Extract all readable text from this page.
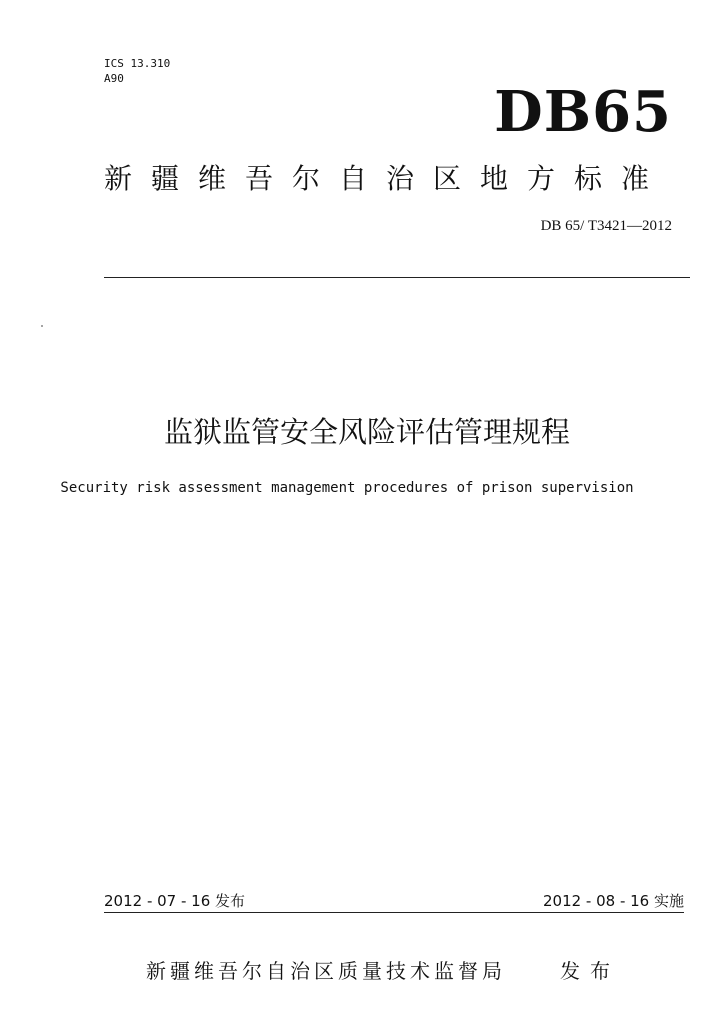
ICS 13.310
A90
DB65
新疆维吾尔自治区地方标准
DB 65/ T3421—2012
监狱监管安全风险评估管理规程
Security risk assessment management procedures of prison supervision
2012 - 07 - 16 发布	2012 - 08 - 16 实施
新疆维吾尔自治区质量技术监督局	发布
